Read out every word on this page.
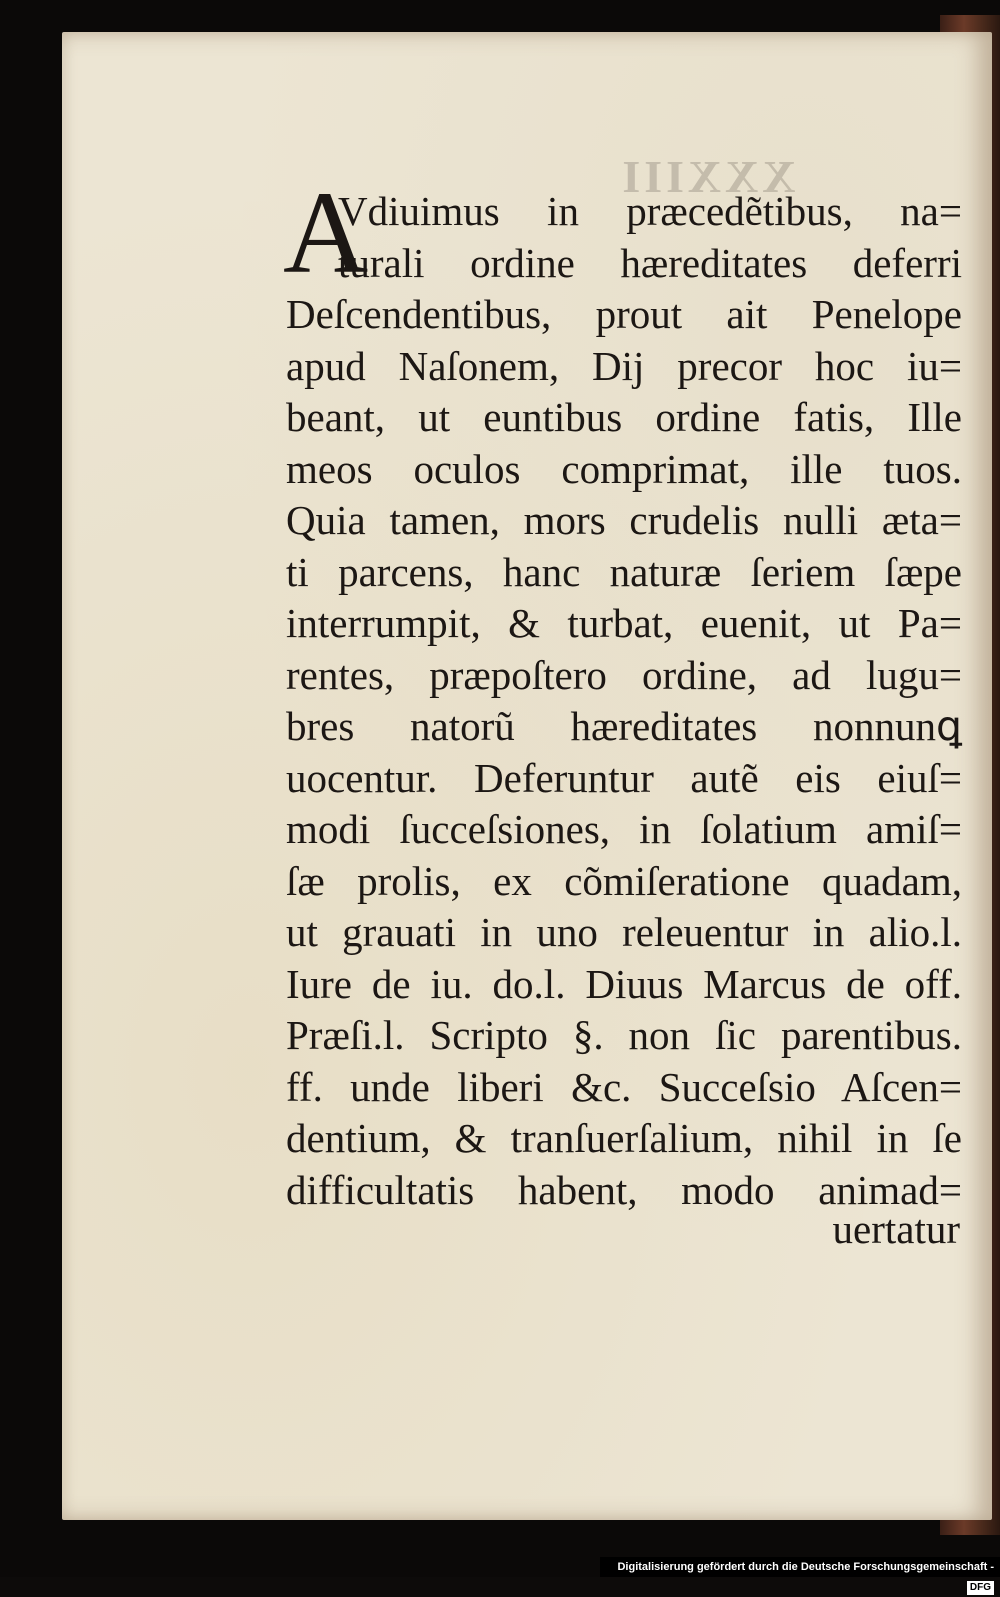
XXXIII
A
Vdiuimus in præcedẽtibus, na=
turali ordine hæreditates deferri
Deſcendentibus, prout ait Penelope
apud Naſonem, Dij precor hoc iu=
beant, ut euntibus ordine fatis, Ille
meos oculos comprimat, ille tuos.
Quia tamen, mors crudelis nulli æta=
ti parcens, hanc naturæ ſeriem ſæpe
interrumpit, & turbat, euenit, ut Pa=
rentes, præpoſtero ordine, ad lugu=
bres natorũ hæreditates nonnunꝗ
uocentur. Deferuntur autẽ eis eiuſ=
modi ſucceſsiones, in ſolatium amiſ=
ſæ prolis, ex cõmiſeratione quadam,
ut grauati in uno releuentur in alio.l.
Iure de iu. do.l. Diuus Marcus de off.
Præſi.l. Scripto §. non ſic parentibus.
ff. unde liberi &c. Succeſsio Aſcen=
dentium, & tranſuerſalium, nihil in ſe
difficultatis habent, modo animad=
uertatur
Digitalisierung gefördert durch die Deutsche Forschungsgemeinschaft -DFG
